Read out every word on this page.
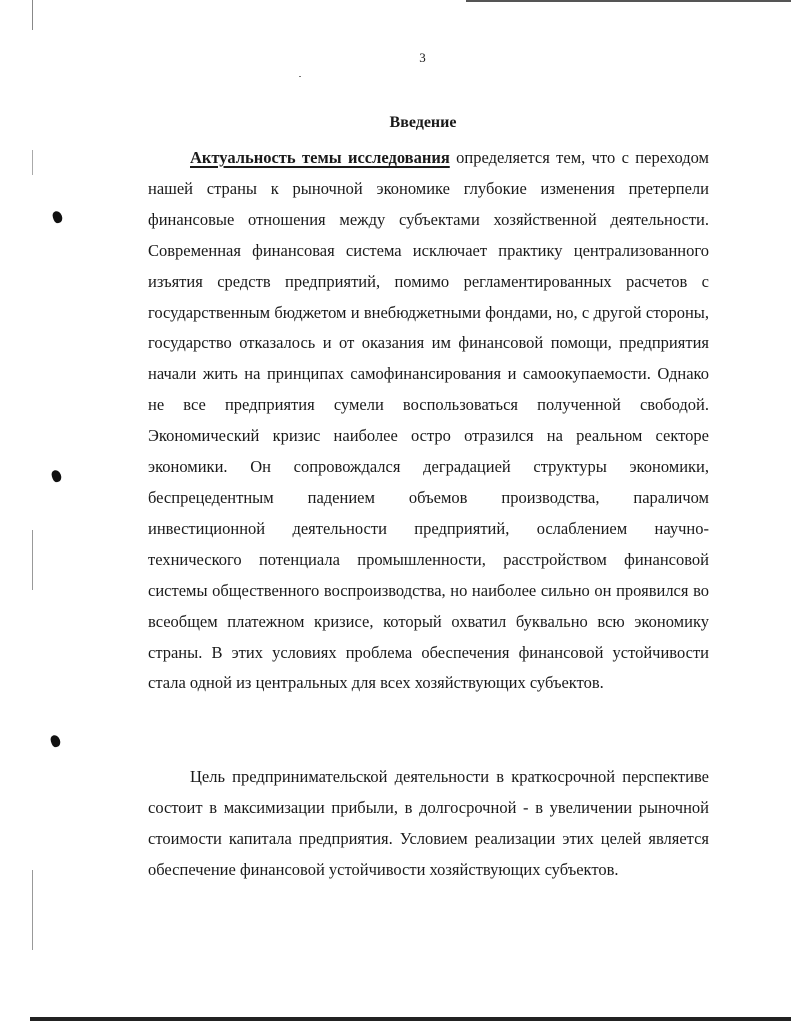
3
Введение

Актуальность темы исследования определяется тем, что с переходом нашей страны к рыночной экономике глубокие изменения претерпели финансовые отношения между субъектами хозяйственной деятельности. Современная финансовая система исключает практику централизованного изъятия средств предприятий, помимо регламентированных расчетов с государственным бюджетом и внебюджетными фондами, но, с другой стороны, государство отказалось и от оказания им финансовой помощи, предприятия начали жить на принципах самофинансирования и самоокупаемости. Однако не все предприятия сумели воспользоваться полученной свободой. Экономический кризис наиболее остро отразился на реальном секторе экономики. Он сопровождался деградацией структуры экономики, беспрецедентным падением объемов производства, параличом инвестиционной деятельности предприятий, ослаблением научно-технического потенциала промышленности, расстройством финансовой системы общественного воспроизводства, но наиболее сильно он проявился во всеобщем платежном кризисе, который охватил буквально всю экономику страны. В этих условиях проблема обеспечения финансовой устойчивости стала одной из центральных для всех хозяйствующих субъектов.

Цель предпринимательской деятельности в краткосрочной перспективе состоит в максимизации прибыли, в долгосрочной - в увеличении рыночной стоимости капитала предприятия. Условием реализации этих целей является обеспечение финансовой устойчивости хозяйствующих субъектов.
